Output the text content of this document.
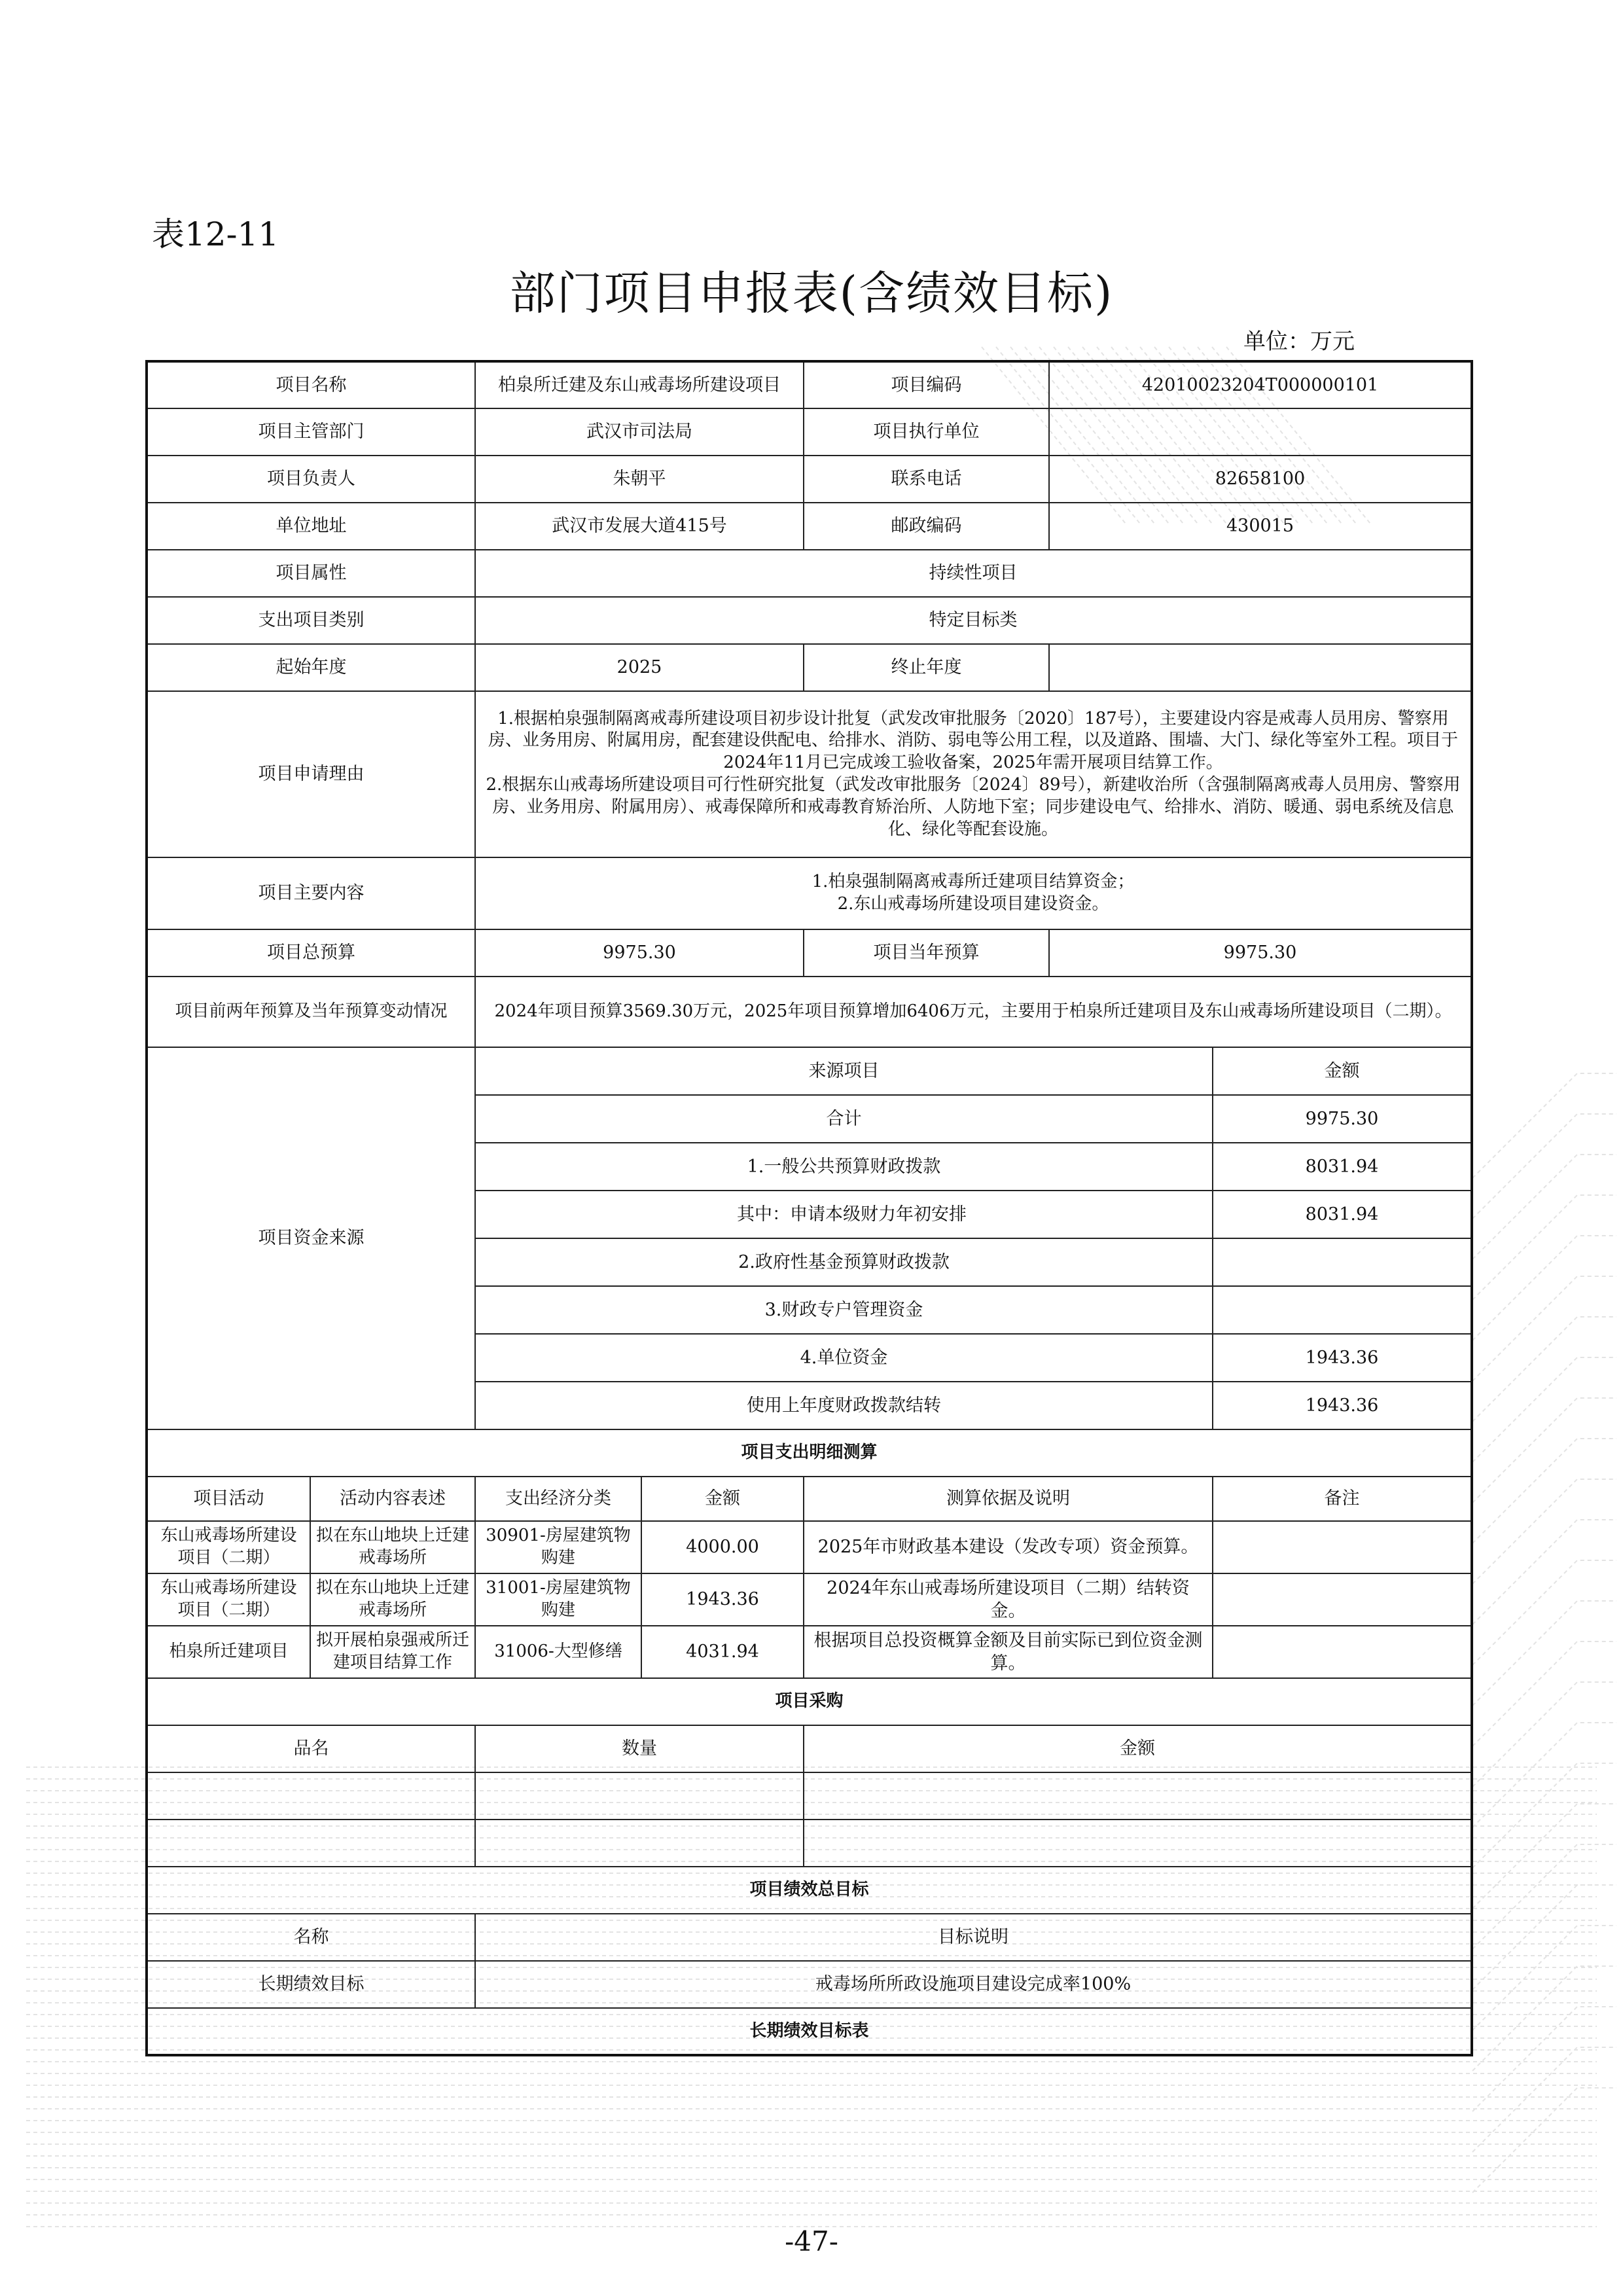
表12-11
部门项目申报表(含绩效目标)
单位：万元
项目名称		柏泉所迁建及东山戒毒场所建设项目		项目编码	42010023204T000000101	
项目主管部门		武汉市司法局		项目执行单位		
项目负责人		朱朝平		联系电话	82658100	
单位地址		武汉市发展大道415号		邮政编码	430015	
项目属性		持续性项目				
支出项目类别		特定目标类				
起始年度		2025		终止年度		
项目申请理由		1.根据柏泉强制隔离戒毒所建设项目初步设计批复（武发改审批服务〔2020〕187号），主要建设内容是戒毒人员用房、警察用房、业务用房、附属用房，配套建设供配电、给排水、消防、弱电等公用工程，以及道路、围墙、大门、绿化等室外工程。项目于2024年11月已完成竣工验收备案，2025年需开展项目结算工作。
2.根据东山戒毒场所建设项目可行性研究批复（武发改审批服务〔2024〕89号），新建收治所（含强制隔离戒毒人员用房、警察用房、业务用房、附属用房）、戒毒保障所和戒毒教育矫治所、人防地下室；同步建设电气、给排水、消防、暖通、弱电系统及信息化、绿化等配套设施。				
项目主要内容		1.柏泉强制隔离戒毒所迁建项目结算资金；
2.东山戒毒场所建设项目建设资金。				
项目总预算		9975.30		项目当年预算	9975.30	
项目前两年预算及当年预算变动情况		2024年项目预算3569.30万元，2025年项目预算增加6406万元，主要用于柏泉所迁建项目及东山戒毒场所建设项目（二期）。				
项目资金来源		来源项目				金额
		合计				9975.30
		1.一般公共预算财政拨款				8031.94
		其中：申请本级财力年初安排				8031.94
		2.政府性基金预算财政拨款				
		3.财政专户管理资金				
		4.单位资金				1943.36
		使用上年度财政拨款结转				1943.36
项目支出明细测算						
项目活动	活动内容表述	支出经济分类	金额	测算依据及说明		备注
东山戒毒场所建设项目（二期）	拟在东山地块上迁建戒毒场所	30901-房屋建筑物购建	4000.00	2025年市财政基本建设（发改专项）资金预算。		
东山戒毒场所建设项目（二期）	拟在东山地块上迁建戒毒场所	31001-房屋建筑物购建	1943.36	2024年东山戒毒场所建设项目（二期）结转资金。		
柏泉所迁建项目	拟开展柏泉强戒所迁建项目结算工作	31006-大型修缮	4031.94	根据项目总投资概算金额及目前实际已到位资金测算。		
项目采购						
品名		数量		金额		

项目绩效总目标						
名称		目标说明				
长期绩效目标		戒毒场所所政设施项目建设完成率100%				
长期绩效目标表						
-47-
